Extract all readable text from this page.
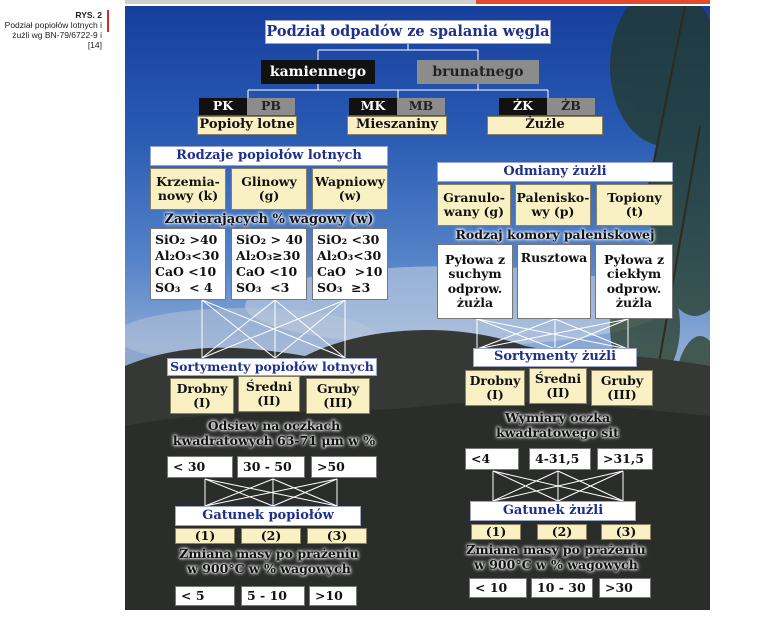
RYS. 2
Podział popiołów lotnych i żużli wg BN-79/6722-9 i [14]
Podział odpadów ze spalania węgla
kamiennego	brunatnego
PK	PB
Popioły lotne
MK	MB
Mieszaniny
ŻK	ŻB
Żużle
Rodzaje popiołów lotnych
Krzemia-
nowy (k)
Glinowy
(g)
Wapniowy
(w)
Zawierających % wagowy (w)
SiO₂ >40
Al₂O₃<30
CaO <10
SO₃  < 4
SiO₂ > 40
Al₂O₃≥30
CaO <10
SO₃  <3
SiO₂ <30
Al₂O₃<30
CaO  >10
SO₃  ≥3
Sortymenty popiołów lotnych
Drobny
(I)
Średni
(II)
Gruby
(III)
Odsiew na oczkach
kwadratowych 63-71 μm w %
< 30	30 - 50	>50
Gatunek popiołów
(1)	(2)	(3)
Zmiana masy po prażeniu
w 900°C w % wagowych
< 5	5 - 10	>10
Odmiany żużli
Granulo-
wany (g)
Palenisko-
wy (p)
Topiony
(t)
Rodzaj komory paleniskowej
Pyłowa z
suchym
odprow.
żużla
Rusztowa	Pyłowa z
ciekłym
odprow.
żużla
Sortymenty żużli
Drobny
(I)
Średni
(II)
Gruby
(III)
Wymiary oczka
kwadratowego sit
<4	4-31,5	>31,5
Gatunek żużli
(1)	(2)	(3)
Zmiana masy po prażeniu
w 900°C w % wagowych
< 10	10 - 30	>30
